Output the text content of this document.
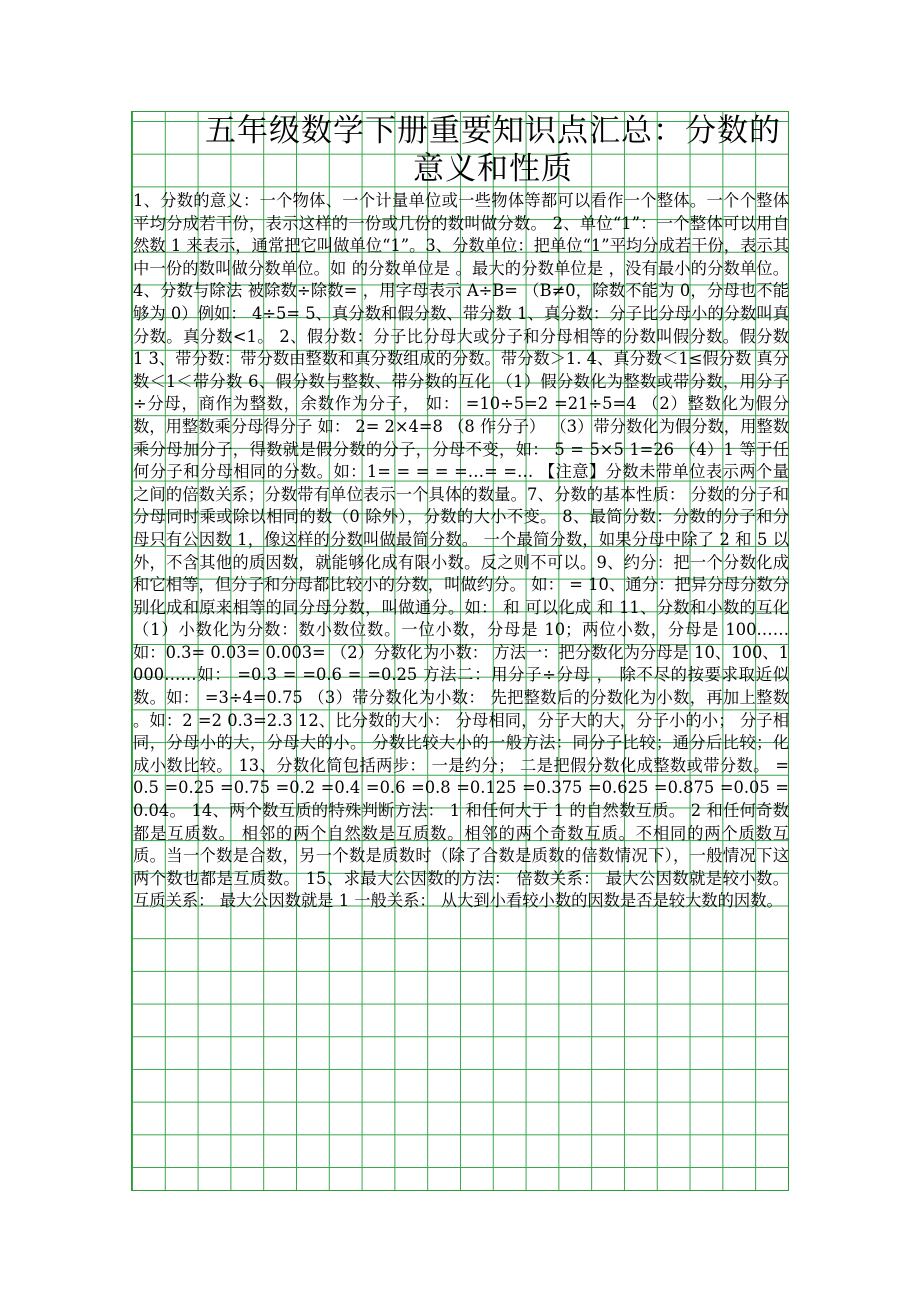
五年级数学下册重要知识点汇总：分数的意义和性质

1、分数的意义：一个物体、一个计量单位或一些物体等都可以看作一个整体。一个个整体平均分成若干份，表示这样的一份或几份的数叫做分数。 2、单位“1”：一个整体可以用自然数 1 来表示，通常把它叫做单位“1”。3、分数单位：把单位“1”平均分成若干份，表示其中一份的数叫做分数单位。如 的分数单位是 。最大的分数单位是 ，没有最小的分数单位。 4、分数与除法 被除数÷除数= ，用字母表示 A÷B= （B≠0，除数不能为 0，分母也不能够为 0）例如： 4÷5= 5、真分数和假分数、带分数 1、真分数：分子比分母小的分数叫真分数。真分数<1。 2、假分数：分子比分母大或分子和分母相等的分数叫假分数。假分数 1 3、带分数：带分数由整数和真分数组成的分数。带分数＞1. 4、真分数＜1≤假分数 真分数＜1＜带分数 6、假分数与整数、带分数的互化 （1）假分数化为整数或带分数，用分子÷分母，商作为整数，余数作为分子， 如： =10÷5=2 =21÷5=4 （2）整数化为假分数，用整数乘分母得分子 如： 2= 2×4=8 （8 作分子） （3）带分数化为假分数，用整数乘分母加分子，得数就是假分数的分子，分母不变，如： 5 = 5×5 1=26 （4）1 等于任何分子和分母相同的分数。如：1= = = = =…= =… 【注意】分数未带单位表示两个量之间的倍数关系；分数带有单位表示一个具体的数量。7、分数的基本性质： 分数的分子和分母同时乘或除以相同的数（0 除外），分数的大小不变。 8、最简分数：分数的分子和分母只有公因数 1，像这样的分数叫做最简分数。 一个最简分数，如果分母中除了 2 和 5 以外，不含其他的质因数，就能够化成有限小数。反之则不可以。9、约分：把一个分数化成和它相等，但分子和分母都比较小的分数，叫做约分。 如： = 10、通分：把异分母分数分别化成和原来相等的同分母分数，叫做通分。如： 和 可以化成 和 11、分数和小数的互化 （1）小数化为分数：数小数位数。一位小数，分母是 10；两位小数，分母是 100……如：0.3= 0.03= 0.003= （2）分数化为小数： 方法一：把分数化为分母是 10、100、1000……如： =0.3 = =0.6 = =0.25 方法二：用分子÷分母 ， 除不尽的按要求取近似数。如： =3÷4=0.75 （3）带分数化为小数： 先把整数后的分数化为小数，再加上整数 。如：2 =2 0.3=2.3 12、比分数的大小： 分母相同，分子大的大，分子小的小； 分子相同，分母小的大，分母大的小。 分数比较大小的一般方法：同分子比较；通分后比较；化成小数比较。 13、分数化简包括两步： 一是约分； 二是把假分数化成整数或带分数。 =0.5 =0.25 =0.75 =0.2 =0.4 =0.6 =0.8 =0.125 =0.375 =0.625 =0.875 =0.05 =0.04。 14、两个数互质的特殊判断方法： 1 和任何大于 1 的自然数互质。 2 和任何奇数都是互质数。 相邻的两个自然数是互质数。相邻的两个奇数互质。不相同的两个质数互质。当一个数是合数，另一个数是质数时（除了合数是质数的倍数情况下），一般情况下这两个数也都是互质数。 15、求最大公因数的方法： 倍数关系： 最大公因数就是较小数。 互质关系： 最大公因数就是 1 一般关系： 从大到小看较小数的因数是否是较大数的因数。
